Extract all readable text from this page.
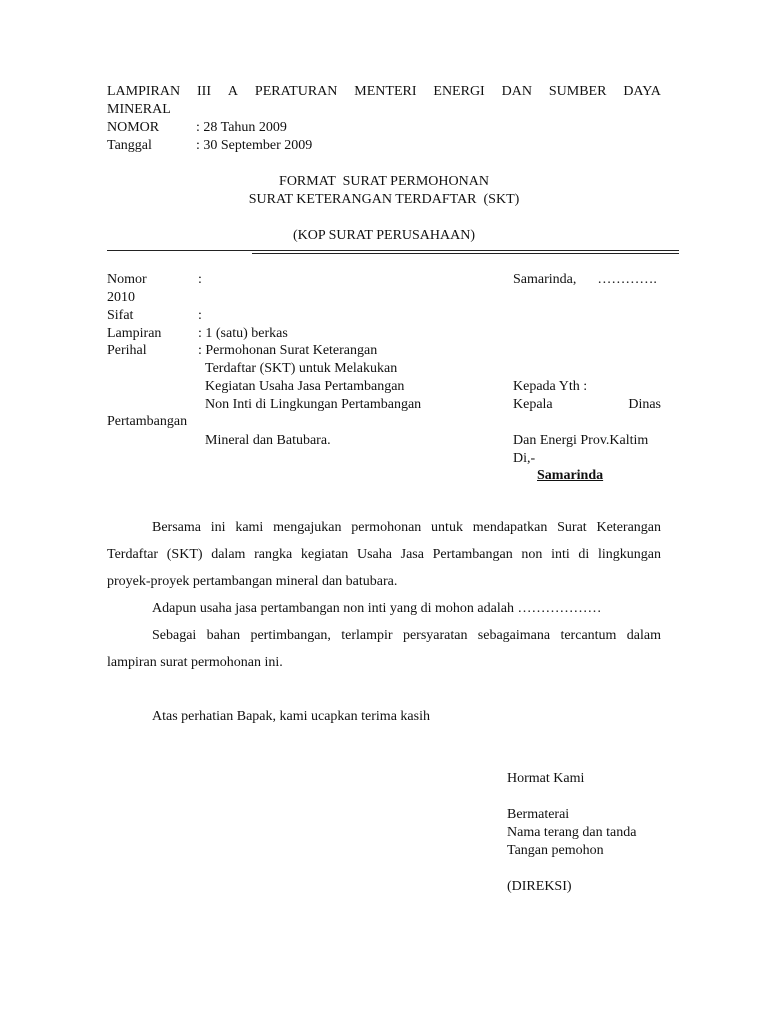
LAMPIRAN III A PERATURAN MENTERI ENERGI DAN SUMBER DAYA
MINERAL
NOMOR	: 28 Tahun 2009
Tanggal	: 30 September 2009
FORMAT  SURAT PERMOHONAN
SURAT KETERANGAN TERDAFTAR  (SKT)
(KOP SURAT PERUSAHAAN)
Nomor	:	Samarinda,      ………….
2010
Sifat	:
Lampiran	: 1 (satu) berkas
Perihal	: Permohonan Surat Keterangan
Terdaftar (SKT) untuk Melakukan
Kegiatan Usaha Jasa Pertambangan
Non Inti di Lingkungan Pertambangan
Pertambangan
Mineral dan Batubara.
Kepada Yth :
Kepala	Dinas
Dan Energi Prov.Kaltim
Di,-
Samarinda
Bersama ini kami mengajukan permohonan untuk mendapatkan Surat Keterangan
Terdaftar (SKT) dalam rangka kegiatan Usaha Jasa Pertambangan non inti di lingkungan
proyek-proyek pertambangan mineral dan batubara.
Adapun usaha jasa pertambangan non inti yang di mohon adalah ………………
Sebagai bahan pertimbangan, terlampir persyaratan sebagaimana tercantum dalam
lampiran surat permohonan ini.
Atas perhatian Bapak, kami ucapkan terima kasih
Hormat Kami
Bermaterai
Nama terang dan tanda
Tangan pemohon
(DIREKSI)
